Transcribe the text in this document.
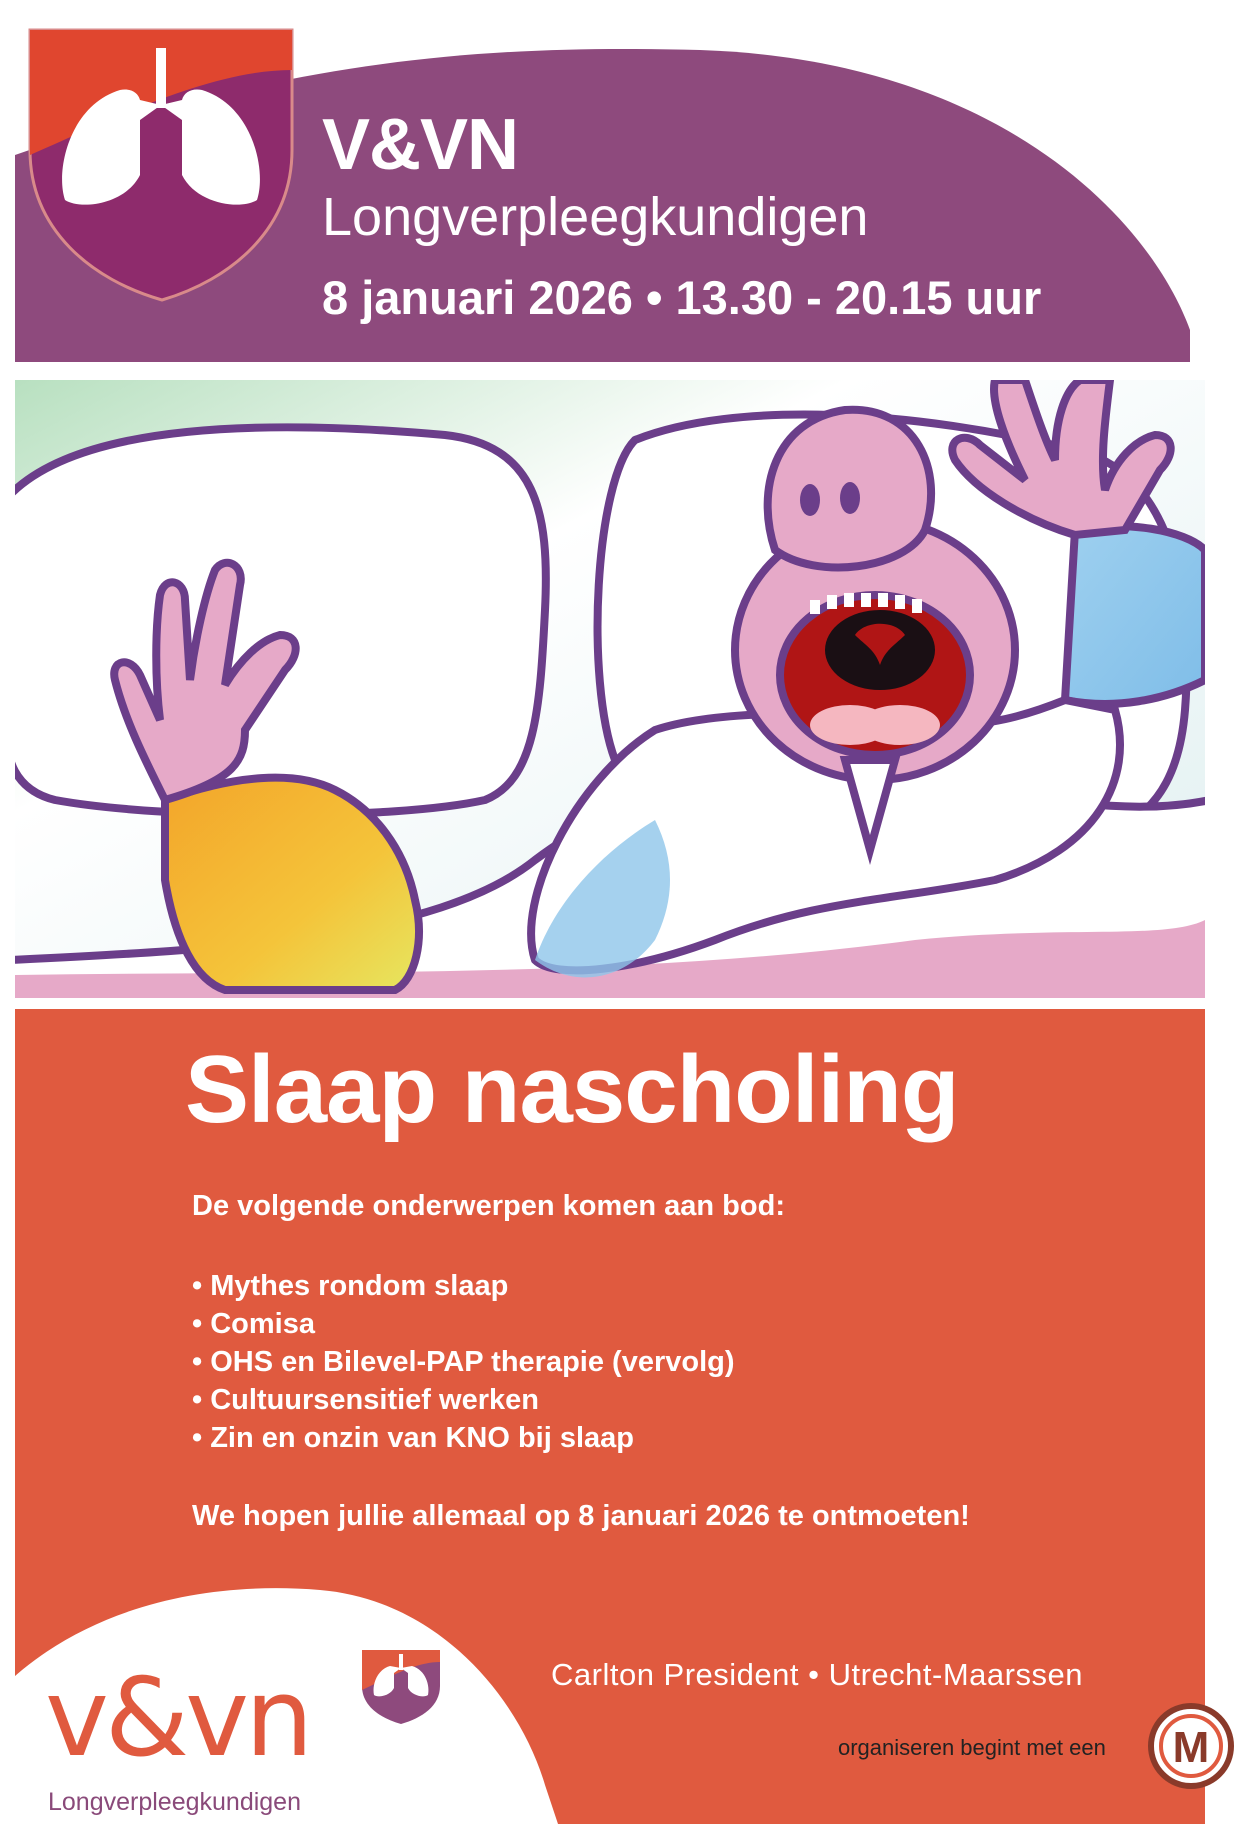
V&VN
Longverpleegkundigen
8 januari 2026 • 13.30 - 20.15 uur
Slaap nascholing
De volgende onderwerpen komen aan bod:
• Mythes rondom slaap
• Comisa
• OHS en Bilevel-PAP therapie (vervolg)
• Cultuursensitief werken
• Zin en onzin van KNO bij slaap
We hopen jullie allemaal op 8 januari 2026 te ontmoeten!
Carlton President • Utrecht-Maarssen
v&vn
Longverpleegkundigen
organiseren begint met een M
